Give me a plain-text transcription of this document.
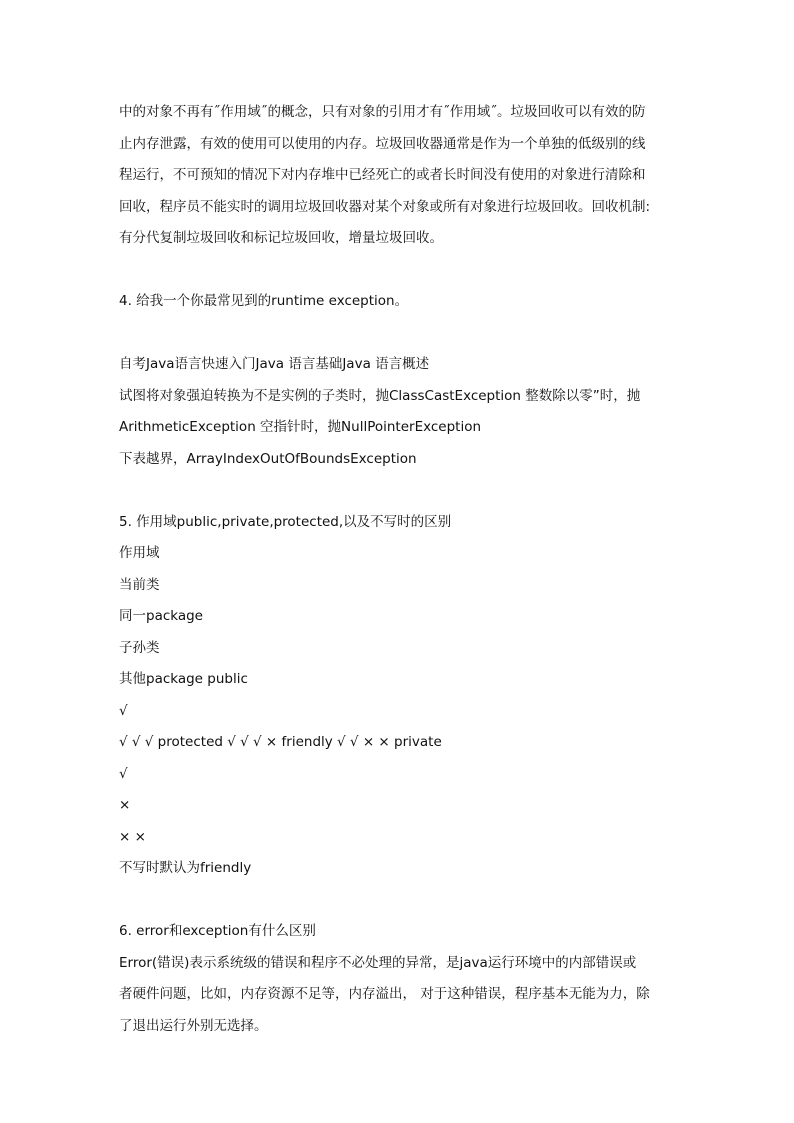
中的对象不再有˝作用域˝的概念，只有对象的引用才有˝作用域˝。垃圾回收可以有效的防

止内存泄露，有效的使用可以使用的内存。垃圾回收器通常是作为一个单独的低级别的线

程运行，不可预知的情况下对内存堆中已经死亡的或者长时间没有使用的对象进行清除和

回收，程序员不能实时的调用垃圾回收器对某个对象或所有对象进行垃圾回收。回收机制:

有分代复制垃圾回收和标记垃圾回收，增量垃圾回收。

4. 给我一个你最常见到的runtime exception。

自考Java语言快速入门Java 语言基础Java 语言概述

试图将对象强迫转换为不是实例的子类时，抛ClassCastException 整数除以零”时，抛

ArithmeticException 空指针时，抛NullPointerException

下表越界，ArrayIndexOutOfBoundsException

5. 作用域public,private,protected,以及不写时的区别

作用域

当前类

同一package

子孙类

其他package public

√

√ √ √ protected √ √ √ × friendly √ √ × × private

√

×

× ×

不写时默认为friendly

6. error和exception有什么区别

Error(错误)表示系统级的错误和程序不必处理的异常，是java运行环境中的内部错误或

者硬件问题，比如，内存资源不足等，内存溢出， 对于这种错误，程序基本无能为力，除

了退出运行外别无选择。
